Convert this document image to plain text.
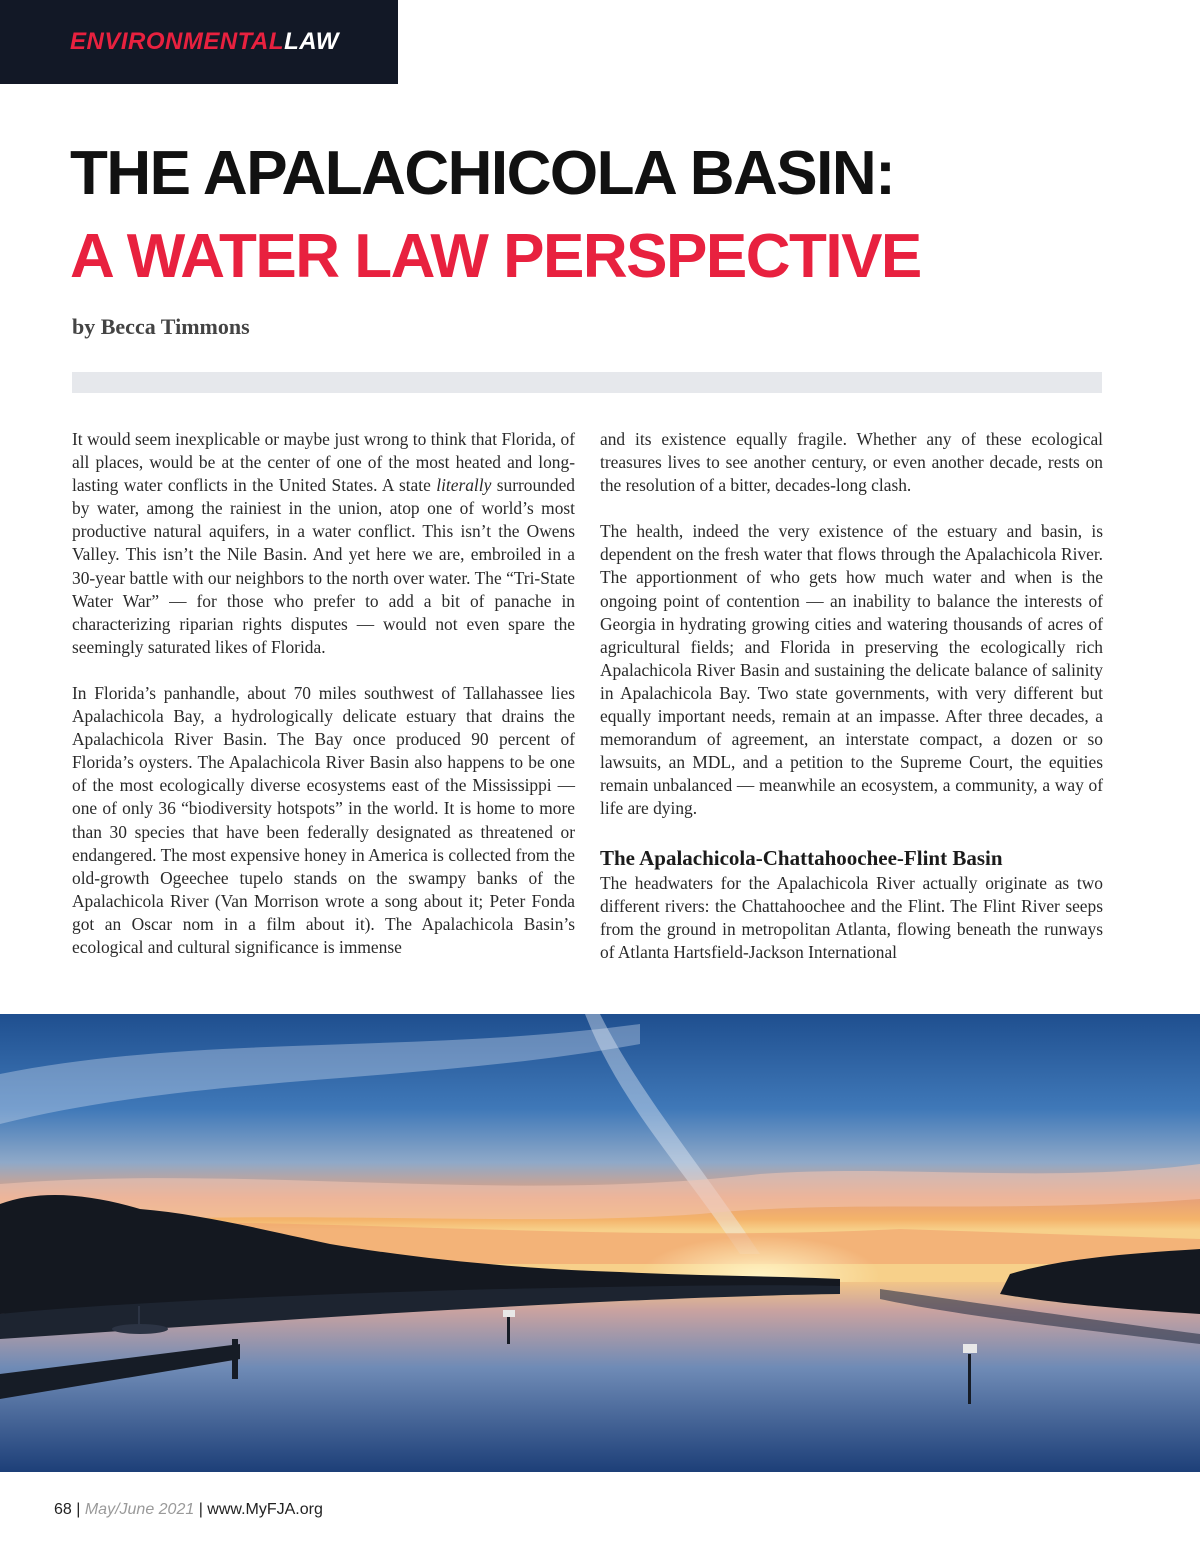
ENVIRONMENTALLAW
THE APALACHICOLA BASIN:
A WATER LAW PERSPECTIVE
by Becca Timmons

It would seem inexplicable or maybe just wrong to think that Florida, of all places, would be at the center of one of the most heated and long-lasting water conflicts in the United States. A state literally surrounded by water, among the rainiest in the union, atop one of world’s most productive natural aquifers, in a water conflict. This isn’t the Owens Valley. This isn’t the Nile Basin. And yet here we are, embroiled in a 30-year battle with our neighbors to the north over water. The “Tri-State Water War” — for those who prefer to add a bit of panache in characterizing riparian rights disputes — would not even spare the seemingly saturated likes of Florida.

In Florida’s panhandle, about 70 miles southwest of Tallahassee lies Apalachicola Bay, a hydrologically delicate estuary that drains the Apalachicola River Basin. The Bay once produced 90 percent of Florida’s oysters. The Apalachicola River Basin also happens to be one of the most ecologically diverse ecosystems east of the Mississippi — one of only 36 “biodiversity hotspots” in the world. It is home to more than 30 species that have been federally designated as threatened or endangered. The most expensive honey in America is collected from the old-growth Ogeechee tupelo stands on the swampy banks of the Apalachicola River (Van Morrison wrote a song about it; Peter Fonda got an Oscar nom in a film about it). The Apalachicola Basin’s ecological and cultural significance is immense

and its existence equally fragile. Whether any of these ecological treasures lives to see another century, or even another decade, rests on the resolution of a bitter, decades-long clash.

The health, indeed the very existence of the estuary and basin, is dependent on the fresh water that flows through the Apalachicola River. The apportionment of who gets how much water and when is the ongoing point of contention — an inability to balance the interests of Georgia in hydrating growing cities and watering thousands of acres of agricultural fields; and Florida in preserving the ecologically rich Apalachicola River Basin and sustaining the delicate balance of salinity in Apalachicola Bay. Two state governments, with very different but equally important needs, remain at an impasse. After three decades, a memorandum of agreement, an interstate compact, a dozen or so lawsuits, an MDL, and a petition to the Supreme Court, the equities remain unbalanced — meanwhile an ecosystem, a community, a way of life are dying.

The Apalachicola-Chattahoochee-Flint Basin

The headwaters for the Apalachicola River actually originate as two different rivers: the Chattahoochee and the Flint. The Flint River seeps from the ground in metropolitan Atlanta, flowing beneath the runways of Atlanta Hartsfield-Jackson International

68 | May/June 2021 | www.MyFJA.org
